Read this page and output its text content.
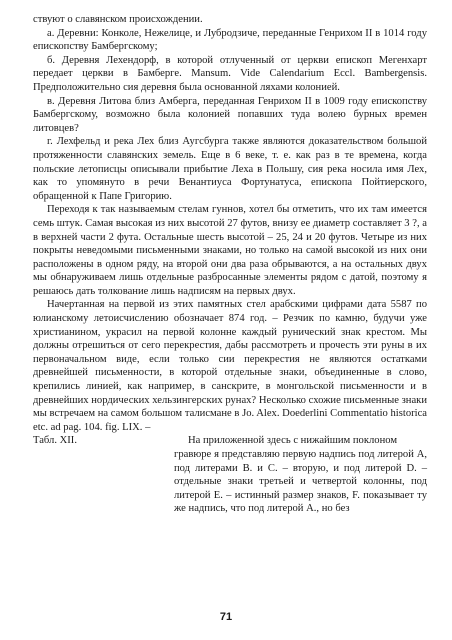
ствуют о славянском происхождении.

а. Деревни: Конколе, Нежелице, и Лубродзиче, переданные Генрихом II в 1014 году епископству Бамбергскому;

б. Деревня Лехендорф, в которой отлученный от церкви епископ Мегенхарт передает церкви в Бамберге. Mansum. Vide Calendarium Eccl. Bambergensis. Предположительно сия деревня была основанной ляхами колонией.

в. Деревня Литова близ Амберга, переданная Генрихом II в 1009 году епископству Бамбергскому, возможно была колонией попавших туда волею бурных времен литовцев?

г. Лехфельд и река Лех близ Аугсбурга также являются доказательством большой протяженности славянских земель. Еще в 6 веке, т. е. как раз в те времена, когда польские летописцы описывали прибытие Леха в Польшу, сия река носила имя Лех, как то упомянуто в речи Венантиуса Фортунатуса, епископа Пойтиерского, обращенной к Папе Григорию.

Переходя к так называемым стелам гуннов, хотел бы отметить, что их там имеется семь штук. Самая высокая из них высотой 27 футов, внизу ее диаметр составляет 3 ?, а в верхней части 2 фута. Остальные шесть высотой – 25, 24 и 20 футов. Четыре из них покрыты неведомыми письменными знаками, но только на самой высокой из них они расположены в одном ряду, на второй они два раза обрываются, а на остальных двух мы обнаруживаем лишь отдельные разбросанные элементы рядом с датой, поэтому я решаюсь дать толкование лишь надписям на первых двух.

Начертанная на первой из этих памятных стел арабскими цифрами дата 5587 по юлианскому летоисчислению обозначает 874 год. – Резчик по камню, будучи уже христианином, украсил на первой колонне каждый рунический знак крестом. Мы должны отрешиться от сего перекрестия, дабы рассмотреть и прочесть эти руны в их первоначальном виде, если только сии перекрестия не являются остатками древнейшей письменности, в которой отдельные знаки, объединенные в слово, крепились линией, как например, в санскрите, в монгольской письменности и в древнейших нордических хельзингерских рунах? Несколько схожие письменные знаки мы встречаем на самом большом талисмане в Jo. Alex. Doederlini Commentatio historica etc. ad pag. 104. fig. LIX. –

Табл. XII.	На приложенной здесь с нижайшим поклоном
гравюре я представляю первую надпись под литерой А, под литерами В. и С. – вторую, и под литерой D. – отдельные знаки третьей и четвертой колонны, под литерой Е. – истинный размер знаков, F. показывает ту же надпись, что под литерой А., но без
71
